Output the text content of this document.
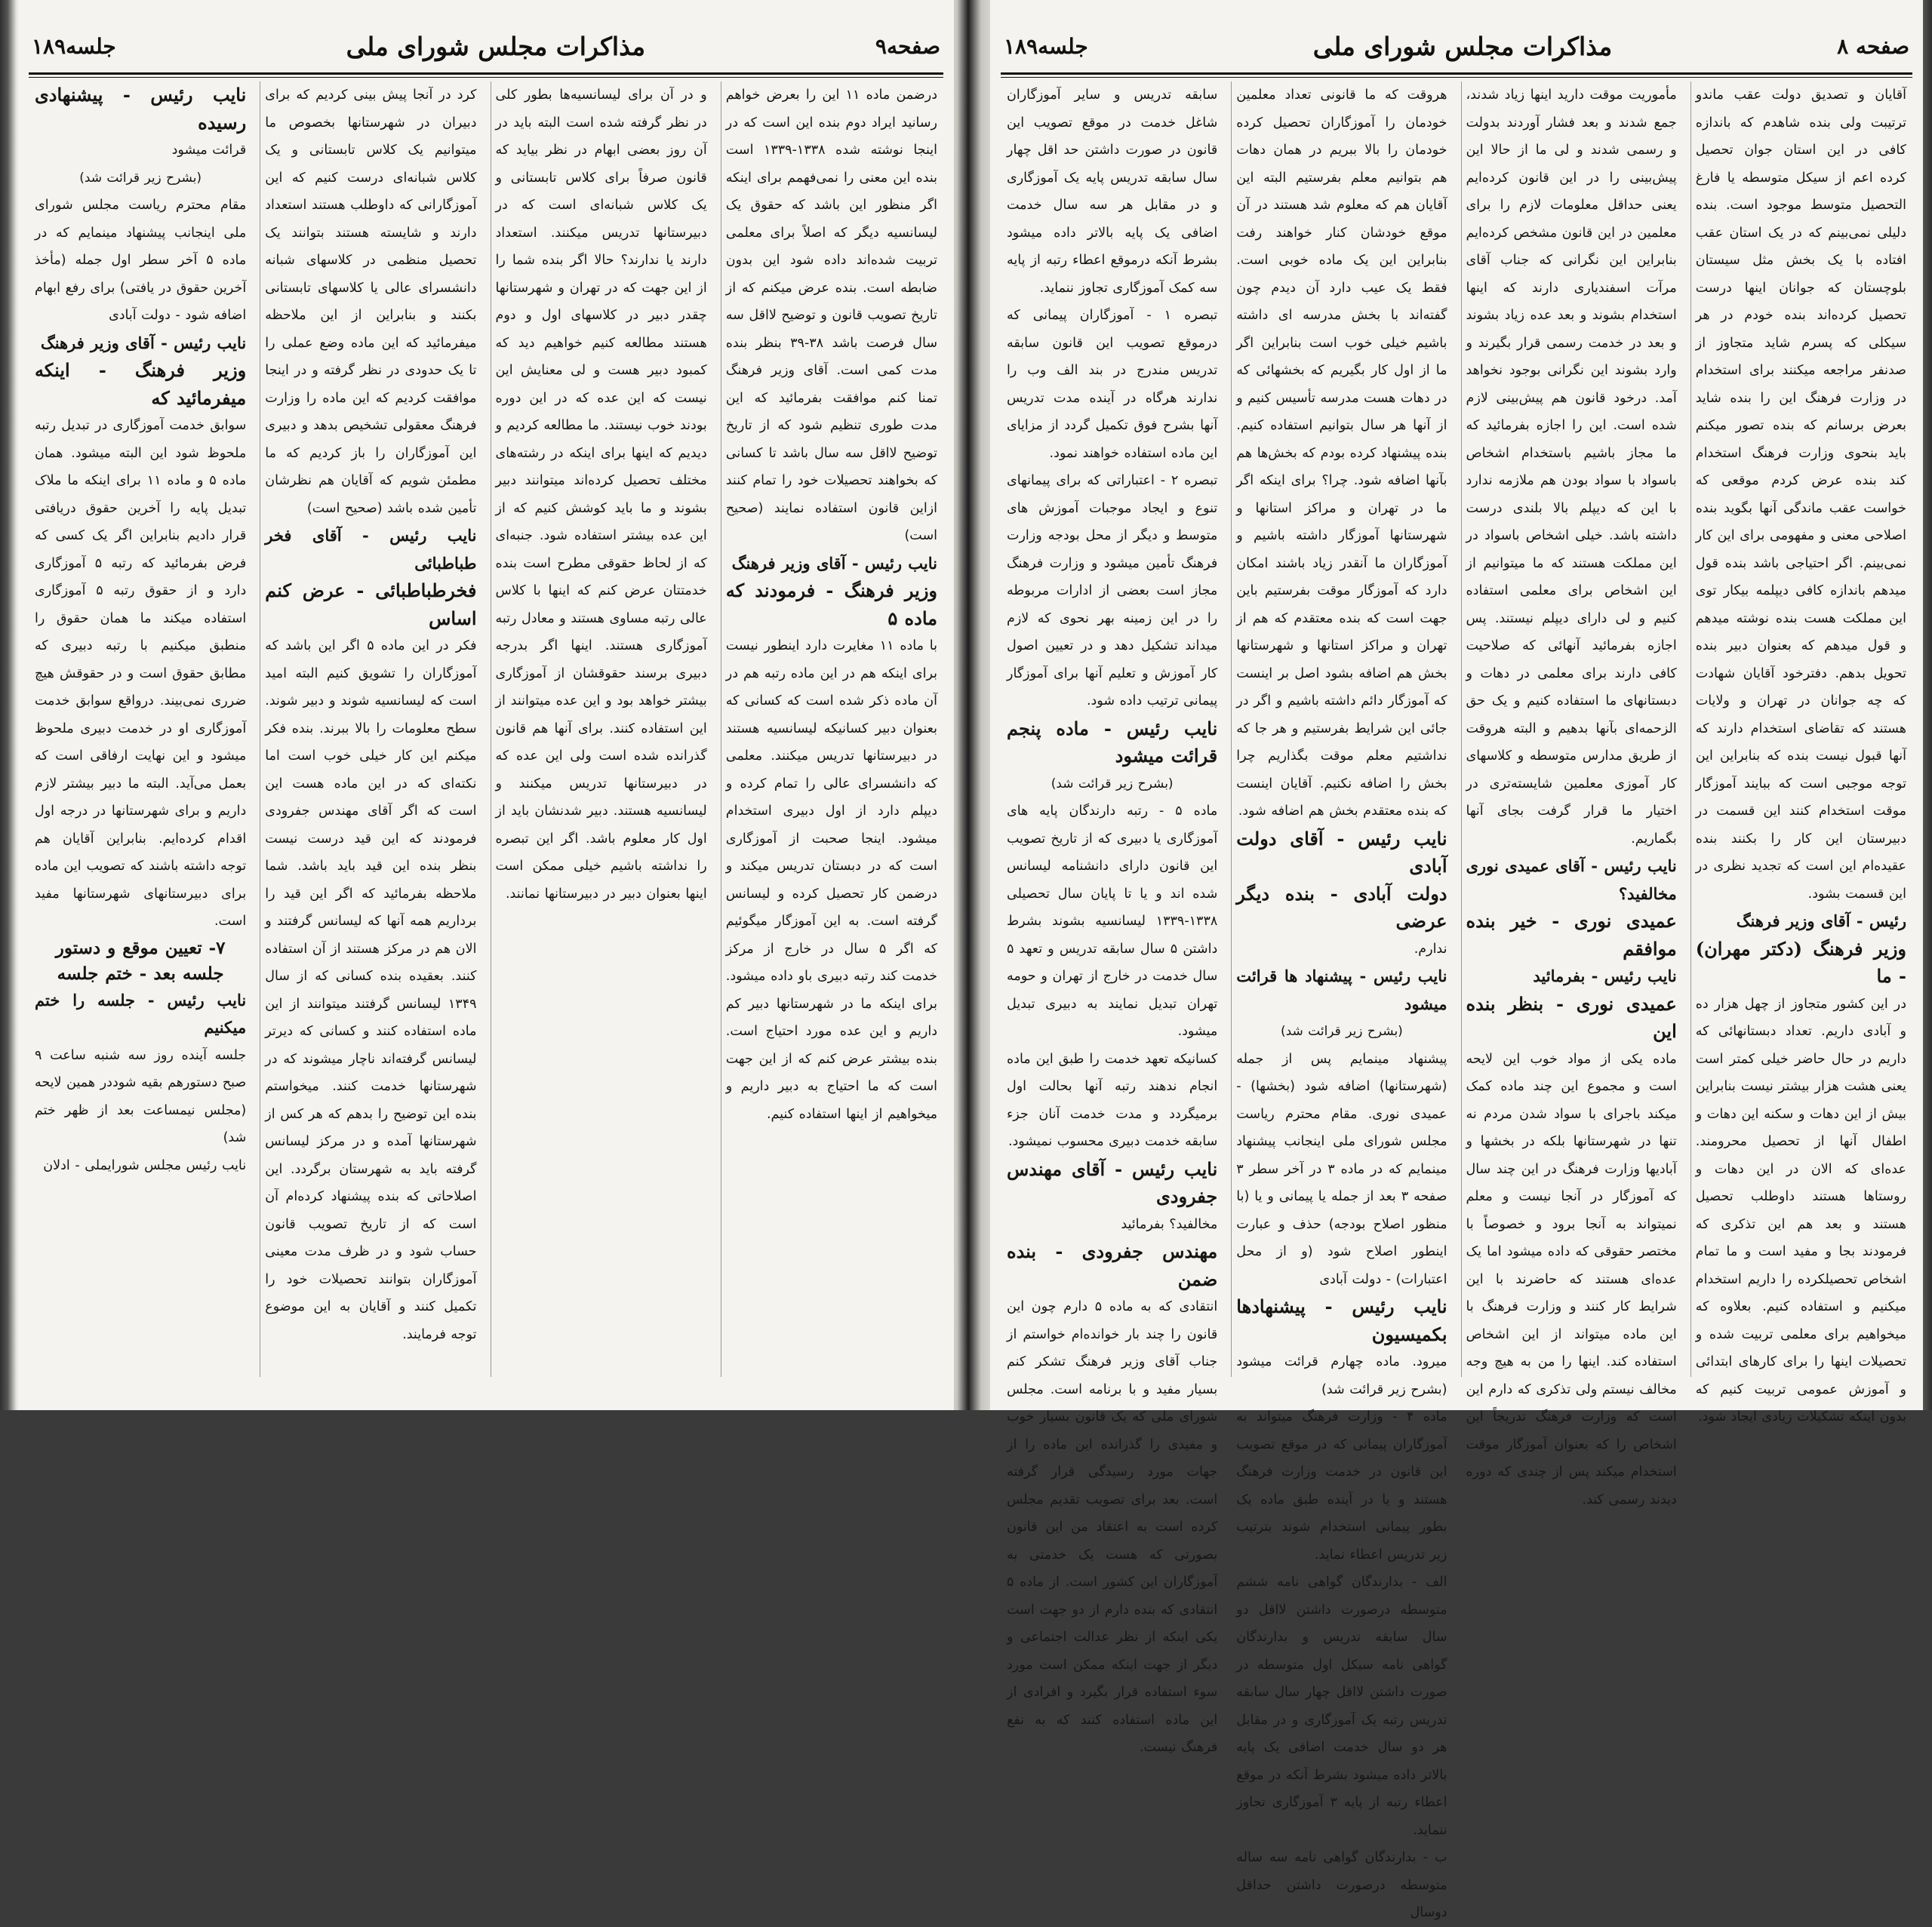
جلسه۱۸۹	مذاکرات مجلس شورای ملی	صفحه۹

درضمن ماده ۱۱ این را بعرض خواهم رسانید ایراد دوم بنده این است که در اینجا نوشته شده ۱۳۳۸-۱۳۳۹ است بنده این معنی را نمی‌فهمم برای اینکه اگر منظور این باشد که حقوق یک لیسانسیه دیگر که اصلاً برای معلمی تربیت شده‌اند داده شود این بدون ضابطه است. بنده عرض میکنم که از تاریخ تصویب قانون و توضیح لااقل سه سال فرصت باشد ۳۸-۳۹ بنظر بنده مدت کمی است. آقای وزیر فرهنگ تمنا کنم موافقت بفرمائید که این مدت طوری تنظیم شود که از تاریخ توضیح لااقل سه سال باشد تا کسانی که بخواهند تحصیلات خود را تمام کنند ازاین قانون استفاده نمایند (صحیح است)

نایب رئیس - آقای وزیر فرهنگ

وزیر فرهنگ - فرمودند که ماده ۵

با ماده ۱۱ مغایرت دارد اینطور نیست برای اینکه هم در این ماده رتبه هم در آن ماده ذکر شده است که کسانی که بعنوان دبیر کسانیکه لیسانسیه هستند در دبیرستانها تدریس میکنند. معلمی که دانشسرای عالی را تمام کرده و دیپلم دارد از اول دبیری استخدام میشود. اینجا صحبت از آموزگاری است که در دبستان تدریس میکند و درضمن کار تحصیل کرده و لیسانس گرفته است. به این آموزگار میگوئیم که اگر ۵ سال در خارج از مرکز خدمت کند رتبه دبیری باو داده میشود. برای اینکه ما در شهرستانها دبیر کم داریم و این عده مورد احتیاج است. بنده بیشتر عرض کنم که از این جهت است که ما احتیاج به دبیر داریم و میخواهیم از اینها استفاده کنیم.

و در آن برای لیسانسیه‌ها بطور کلی در نظر گرفته شده است البته باید در آن روز بعضی ابهام در نظر بیاید که قانون صرفاً برای کلاس تابستانی و یک کلاس شبانه‌ای است که در دبیرستانها تدریس میکنند. استعداد دارند یا ندارند؟ حالا اگر بنده شما را از این جهت که در تهران و شهرستانها چقدر دبیر در کلاسهای اول و دوم هستند مطالعه کنیم خواهیم دید که کمبود دبیر هست و لی معنایش این نیست که این عده که در این دوره بودند خوب نیستند. ما مطالعه کردیم و دیدیم که اینها برای اینکه در رشته‌های مختلف تحصیل کرده‌اند میتوانند دبیر بشوند و ما باید کوشش کنیم که از این عده بیشتر استفاده شود. جنبه‌ای که از لحاظ حقوقی مطرح است بنده خدمتتان عرض کنم که اینها با کلاس عالی رتبه مساوی هستند و معادل رتبه آموزگاری هستند. اینها اگر بدرجه دبیری برسند حقوقشان از آموزگاری بیشتر خواهد بود و این عده میتوانند از این استفاده کنند. برای آنها هم قانون گذرانده شده است ولی این عده که در دبیرستانها تدریس میکنند و لیسانسیه هستند. دبیر شدنشان باید از اول کار معلوم باشد. اگر این تبصره را نداشته باشیم خیلی ممکن است اینها بعنوان دبیر در دبیرستانها نمانند.

کرد در آنجا پیش بینی کردیم که برای دبیران در شهرستانها بخصوص ما میتوانیم یک کلاس تابستانی و یک کلاس شبانه‌ای درست کنیم که این آموزگارانی که داوطلب هستند استعداد دارند و شایسته هستند بتوانند یک تحصیل منظمی در کلاسهای شبانه دانشسرای عالی یا کلاسهای تابستانی بکنند و بنابراین از این ملاحظه میفرمائید که این ماده وضع عملی را تا یک حدودی در نظر گرفته و در اینجا موافقت کردیم که این ماده را وزارت فرهنگ معقولی تشخیص بدهد و دبیری این آموزگاران را باز کردیم که ما مطمئن شویم که آقایان هم نظرشان تأمین شده باشد (صحیح است)

نایب رئیس - آقای فخر طباطبائی

فخرطباطبائی - عرض کنم اساس

فکر در این ماده ۵ اگر این باشد که آموزگاران را تشویق کنیم البته امید است که لیسانسیه شوند و دبیر شوند. سطح معلومات را بالا ببرند. بنده فکر میکنم این کار خیلی خوب است اما نکته‌ای که در این ماده هست این است که اگر آقای مهندس جفرودی فرمودند که این قید درست نیست بنظر بنده این قید باید باشد. شما ملاحظه بفرمائید که اگر این قید را برداریم همه آنها که لیسانس گرفتند و الان هم در مرکز هستند از آن استفاده کنند. بعقیده بنده کسانی که از سال ۱۳۴۹ لیسانس گرفتند میتوانند از این ماده استفاده کنند و کسانی که دیرتر لیسانس گرفته‌اند ناچار میشوند که در شهرستانها خدمت کنند. میخواستم بنده این توضیح را بدهم که هر کس از شهرستانها آمده و در مرکز لیسانس گرفته باید به شهرستان برگردد. این اصلاحاتی که بنده پیشنهاد کرده‌ام آن است که از تاریخ تصویب قانون حساب شود و در ظرف مدت معینی آموزگاران بتوانند تحصیلات خود را تکمیل کنند و آقایان به این موضوع توجه فرمایند.

نایب رئیس - پیشنهادی رسیده

قرائت میشود

(بشرح زیر قرائت شد)

مقام محترم ریاست مجلس شورای ملی اینجانب پیشنهاد مینمایم که در ماده ۵ آخر سطر اول جمله (مأخذ آخرین حقوق در یافتی) برای رفع ابهام اضافه شود - دولت آبادی

نایب رئیس - آقای وزیر فرهنگ

وزیر فرهنگ - اینکه میفرمائید که

سوابق خدمت آموزگاری در تبدیل رتبه ملحوظ شود این البته میشود. همان ماده ۵ و ماده ۱۱ برای اینکه ما ملاک تبدیل پایه را آخرین حقوق دریافتی قرار دادیم بنابراین اگر یک کسی که فرض بفرمائید که رتبه ۵ آموزگاری دارد و از حقوق رتبه ۵ آموزگاری استفاده میکند ما همان حقوق را منطبق میکنیم با رتبه دبیری که مطابق حقوق است و در حقوقش هیچ ضرری نمی‌بیند. درواقع سوابق خدمت آموزگاری او در خدمت دبیری ملحوظ میشود و این نهایت ارفاقی است که بعمل می‌آید. البته ما دبیر بیشتر لازم داریم و برای شهرستانها در درجه اول اقدام کرده‌ایم. بنابراین آقایان هم توجه داشته باشند که تصویب این ماده برای دبیرستانهای شهرستانها مفید است.

۷- تعیین موقع و دستور جلسه بعد - ختم جلسه

نایب رئیس - جلسه را ختم میکنیم

جلسه آینده روز سه شنبه ساعت ۹ صبح دستورهم بقیه شوددر همین لایحه (مجلس نیمساعت بعد از ظهر ختم شد)

نایب رئیس مجلس شورایملی - ادلان

جلسه۱۸۹	مذاکرات مجلس شورای ملی	صفحه ۸

آقایان و تصدیق دولت عقب ماندو ترتیبت ولی بنده شاهدم که باندازه کافی در این استان جوان تحصیل کرده اعم از سیکل متوسطه یا فارغ التحصیل متوسط موجود است. بنده دلیلی نمی‌بینم که در یک استان عقب افتاده با یک بخش مثل سیستان بلوچستان که جوانان اینها درست تحصیل کرده‌اند بنده خودم در هر سیکلی که پسرم شاید متجاوز از صدنفر مراجعه میکنند برای استخدام در وزارت فرهنگ این را بنده شاید بعرض برسانم که بنده تصور میکنم باید بنحوی وزارت فرهنگ استخدام کند بنده عرض کردم موقعی که خواست عقب ماندگی آنها بگوید بنده اصلاحی معنی و مفهومی برای این کار نمی‌بینم. اگر احتیاجی باشد بنده قول میدهم باندازه کافی دیپلمه بیکار توی این مملکت هست بنده نوشته میدهم و قول میدهم که بعنوان دبیر بنده تحویل بدهم. دفترخود آقایان شهادت که چه جوانان در تهران و ولایات هستند که تقاضای استخدام دارند که آنها قبول نیست بنده که بنابراین این توجه موجبی است که ببایند آموزگار موقت استخدام کنند این قسمت در دبیرستان این کار را بکنند بنده عقیده‌ام این است که تجدید نظری در این قسمت بشود.

رئیس - آقای وزیر فرهنگ

وزیر فرهنگ (دکتر مهران) - ما

در این کشور متجاوز از چهل هزار ده و آبادی داریم. تعداد دبستانهائی که داریم در حال حاضر خیلی کمتر است یعنی هشت هزار بیشتر نیست بنابراین بیش از این دهات و سکنه این دهات و اطفال آنها از تحصیل محرومند. عده‌ای که الان در این دهات و روستاها هستند داوطلب تحصیل هستند و بعد هم این تذکری که فرمودند بجا و مفید است و ما تمام اشخاص تحصیلکرده را داریم استخدام میکنیم و استفاده کنیم. بعلاوه که میخواهیم برای معلمی تربیت شده و تحصیلات اینها را برای کارهای ابتدائی و آموزش عمومی تربیت کنیم که بدون اینکه تشکیلات زیادی ایجاد شود.

مأموریت موقت دارید اینها زیاد شدند، جمع شدند و بعد فشار آوردند بدولت و رسمی شدند و لی ما از حالا این پیش‌بینی را در این قانون کرده‌ایم یعنی حداقل معلومات لازم را برای معلمین در این قانون مشخص کرده‌ایم بنابراین این نگرانی که جناب آقای مرآت اسفندیاری دارند که اینها استخدام بشوند و بعد عده زیاد بشوند و بعد در خدمت رسمی قرار بگیرند و وارد بشوند این نگرانی بوجود نخواهد آمد. درخود قانون هم پیش‌بینی لازم شده است. این را اجازه بفرمائید که ما مجاز باشیم باستخدام اشخاص باسواد با سواد بودن هم ملازمه ندارد با این که دیپلم بالا بلندی درست داشته باشد. خیلی اشخاص باسواد در این مملکت هستند که ما میتوانیم از این اشخاص برای معلمی استفاده کنیم و لی دارای دیپلم نیستند. پس اجازه بفرمائید آنهائی که صلاحیت کافی دارند برای معلمی در دهات و دبستانهای ما استفاده کنیم و یک حق الزحمه‌ای بآنها بدهیم و البته هروقت از طریق مدارس متوسطه و کلاسهای کار آموزی معلمین شایسته‌تری در اختیار ما قرار گرفت بجای آنها بگماریم.

نایب رئیس - آقای عمیدی نوری مخالفید؟

عمیدی نوری - خیر بنده موافقم

نایب رئیس - بفرمائید

عمیدی نوری - بنظر بنده این

ماده یکی از مواد خوب این لایحه است و مجموع این چند ماده کمک میکند باجرای با سواد شدن مردم نه تنها در شهرستانها بلکه در بخشها و آبادیها وزارت فرهنگ در این چند سال که آموزگار در آنجا نیست و معلم نمیتواند به آنجا برود و خصوصاً با مختصر حقوقی که داده میشود اما یک عده‌ای هستند که حاضرند با این شرایط کار کنند و وزارت فرهنگ با این ماده میتواند از این اشخاص استفاده کند. اینها را من به هیچ وجه مخالف نیستم ولی تذکری که دارم این است که وزارت فرهنگ تدریجاً این اشخاص را که بعنوان آموزگار موقت استخدام میکند پس از چندی که دوره دیدند رسمی کند.

هروقت که ما قانونی تعداد معلمین خودمان را آموزگاران تحصیل کرده خودمان را بالا ببریم در همان دهات هم بتوانیم معلم بفرستیم البته این آقایان هم که معلوم شد هستند در آن موقع خودشان کنار خواهند رفت بنابراین این یک ماده خوبی است. فقط یک عیب دارد آن دیدم چون گفته‌اند با بخش مدرسه ای داشته باشیم خیلی خوب است بنابراین اگر ما از اول کار بگیریم که بخشهائی که در دهات هست مدرسه تأسیس کنیم و از آنها هر سال بتوانیم استفاده کنیم. بنده پیشنهاد کرده بودم که بخش‌ها هم بآنها اضافه شود. چرا؟ برای اینکه اگر ما در تهران و مراکز استانها و شهرستانها آموزگار داشته باشیم و آموزگاران ما آنقدر زیاد باشند امکان دارد که آموزگار موقت بفرستیم باین جهت است که بنده معتقدم که هم از تهران و مراکز استانها و شهرستانها بخش هم اضافه بشود اصل بر اینست که آموزگار دائم داشته باشیم و اگر در جائی این شرایط بفرستیم و هر جا که نداشتیم معلم موقت بگذاریم چرا بخش را اضافه نکنیم. آقایان اینست که بنده معتقدم بخش هم اضافه شود.

نایب رئیس - آقای دولت آبادی

دولت آبادی - بنده دیگر عرضی

ندارم.

نایب رئیس - پیشنهاد ها قرائت میشود

(بشرح زیر قرائت شد)

پیشنهاد مینمایم پس از جمله (شهرستانها) اضافه شود (بخشها) - عمیدی نوری. مقام محترم ریاست مجلس شورای ملی اینجانب پیشنهاد مینمایم که در ماده ۳ در آخر سطر ۳ صفحه ۳ بعد از جمله یا پیمانی و یا (با منظور اصلاح بودجه) حذف و عبارت اینطور اصلاح شود (و از محل اعتبارات) - دولت آبادی

نایب رئیس - پیشنهادها بکمیسیون

میرود. ماده چهارم قرائت میشود (بشرح زیر قرائت شد)

ماده ۴ - وزارت فرهنگ میتواند به آموزگاران پیمانی که در موقع تصویب این قانون در خدمت وزارت فرهنگ هستند و یا در آینده طبق ماده یک بطور پیمانی استخدام شوند بترتیب زیر تدریس اعطاء نماید.

الف - بدارندگان گواهی نامه ششم متوسطه درصورت داشتن لااقل دو سال سابقه تدریس و بدارندگان گواهی نامه سیکل اول متوسطه در صورت داشتن لااقل چهار سال سابقه تدریس رتبه یک آموزگاری و در مقابل هر دو سال خدمت اضافی یک پایه بالاتر داده میشود بشرط آنکه در موقع اعطاء رتبه از پایه ۳ آموزگاری تجاوز ننماید.

ب - بدارندگان گواهی نامه سه ساله متوسطه درصورت داشتن حداقل دوسال

سابقه تدریس و سایر آموزگاران شاغل خدمت در موقع تصویب این قانون در صورت داشتن حد اقل چهار سال سابقه تدریس پایه یک آموزگاری و در مقابل هر سه سال خدمت اضافی یک پایه بالاتر داده میشود بشرط آنکه درموقع اعطاء رتبه از پایه سه کمک آموزگاری تجاوز ننماید.

تبصره ۱ - آموزگاران پیمانی که درموقع تصویب این قانون سابقه تدریس مندرج در بند الف وب را ندارند هرگاه در آینده مدت تدریس آنها بشرح فوق تکمیل گردد از مزایای این ماده استفاده خواهند نمود.

تبصره ۲ - اعتباراتی که برای پیمانهای تنوع و ایجاد موجبات آموزش های متوسط و دیگر از محل بودجه وزارت فرهنگ تأمین میشود و وزارت فرهنگ مجاز است بعضی از ادارات مربوطه را در این زمینه بهر نحوی که لازم میداند تشکیل دهد و در تعیین اصول کار آموزش و تعلیم آنها برای آموزگار پیمانی ترتیب داده شود.

نایب رئیس - ماده پنجم قرائت میشود

(بشرح زیر قرائت شد)

ماده ۵ - رتبه دارندگان پایه های آموزگاری یا دبیری که از تاریخ تصویب این قانون دارای دانشنامه لیسانس شده اند و یا تا پایان سال تحصیلی ۱۳۳۸-۱۳۳۹ لیسانسیه بشوند بشرط داشتن ۵ سال سابقه تدریس و تعهد ۵ سال خدمت در خارج از تهران و حومه تهران تبدیل نمایند به دبیری تبدیل میشود.

کسانیکه تعهد خدمت را طبق این ماده انجام ندهند رتبه آنها بحالت اول برمیگردد و مدت خدمت آنان جزء سابقه خدمت دبیری محسوب نمیشود.

نایب رئیس - آقای مهندس جفرودی

مخالفید؟ بفرمائید

مهندس جفرودی - بنده ضمن

انتقادی که به ماده ۵ دارم چون این قانون را چند بار خوانده‌ام خواستم از جناب آقای وزیر فرهنگ تشکر کنم بسیار مفید و با برنامه است. مجلس شورای ملی که یک قانون بسیار خوب و مفیدی را گذرانده این ماده را از جهات مورد رسیدگی قرار گرفته است. بعد برای تصویب تقدیم مجلس کرده است به اعتقاد من این قانون بصورتی که هست یک خدمتی به آموزگاران این کشور است. از ماده ۵ انتقادی که بنده دارم از دو جهت است یکی اینکه از نظر عدالت اجتماعی و دیگر از جهت اینکه ممکن است مورد سوء استفاده قرار بگیرد و افرادی از این ماده استفاده کنند که به نفع فرهنگ نیست.
